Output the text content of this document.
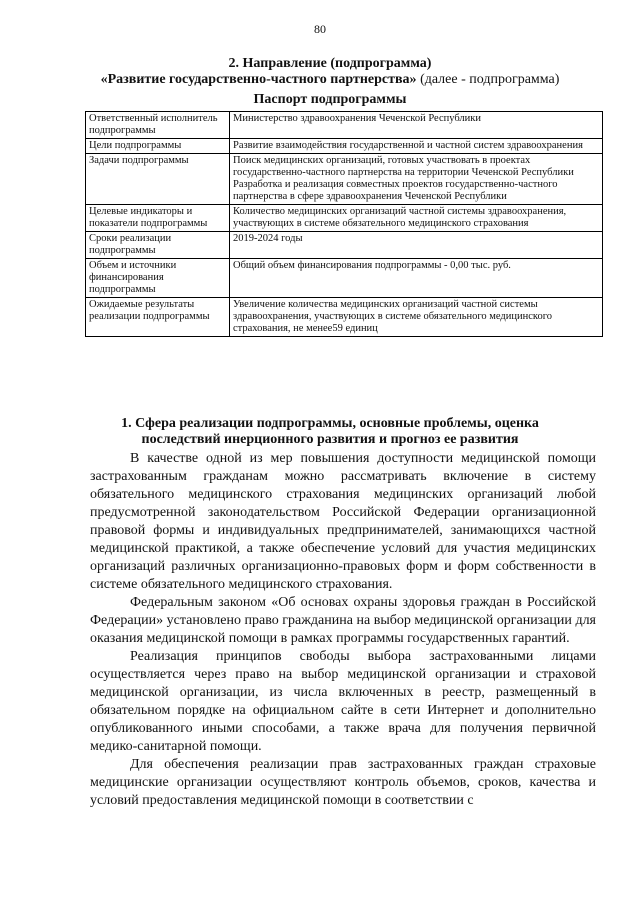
80
2. Направление (подпрограмма)
«Развитие государственно-частного партнерства» (далее - подпрограмма)
Паспорт подпрограммы
Ответственный исполнитель подпрограммы	Министерство здравоохранения Чеченской Республики
Цели подпрограммы	Развитие взаимодействия государственной и частной систем здравоохранения
Задачи подпрограммы	Поиск медицинских организаций, готовых участвовать в проектах государственно-частного партнерства на территории Чеченской Республики
Разработка и реализация совместных проектов государственно-частного партнерства в сфере здравоохранения Чеченской Республики

Целевые индикаторы и показатели подпрограммы	Количество медицинских организаций частной системы здравоохранения, участвующих в системе обязательного медицинского страхования
Сроки реализации подпрограммы	2019-2024 годы
Объем и источники финансирования подпрограммы	Общий объем финансирования подпрограммы - 0,00 тыс. руб.
Ожидаемые результаты реализации подпрограммы	Увеличение количества медицинских организаций частной системы здравоохранения, участвующих в системе обязательного медицинского страхования, не менее59 единиц
1. Сфера реализации подпрограммы, основные проблемы, оценка последствий инерционного развития и прогноз ее развития

В качестве одной из мер повышения доступности медицинской помощи застрахованным гражданам можно рассматривать включение в систему обязательного медицинского страхования медицинских организаций любой предусмотренной законодательством Российской Федерации организационной правовой формы и индивидуальных предпринимателей, занимающихся частной медицинской практикой, а также обеспечение условий для участия медицинских организаций различных организационно-правовых форм и форм собственности в системе обязательного медицинского страхования.

Федеральным законом «Об основах охраны здоровья граждан в Российской Федерации» установлено право гражданина на выбор медицинской организации для оказания медицинской помощи в рамках программы государственных гарантий.

Реализация принципов свободы выбора застрахованными лицами осуществляется через право на выбор медицинской организации и страховой медицинской организации, из числа включенных в реестр, размещенный в обязательном порядке на официальном сайте в сети Интернет и дополнительно опубликованного иными способами, а также врача для получения первичной медико-санитарной помощи.

Для обеспечения реализации прав застрахованных граждан страховые медицинские организации осуществляют контроль объемов, сроков, качества и условий предоставления медицинской помощи в соответствии с
